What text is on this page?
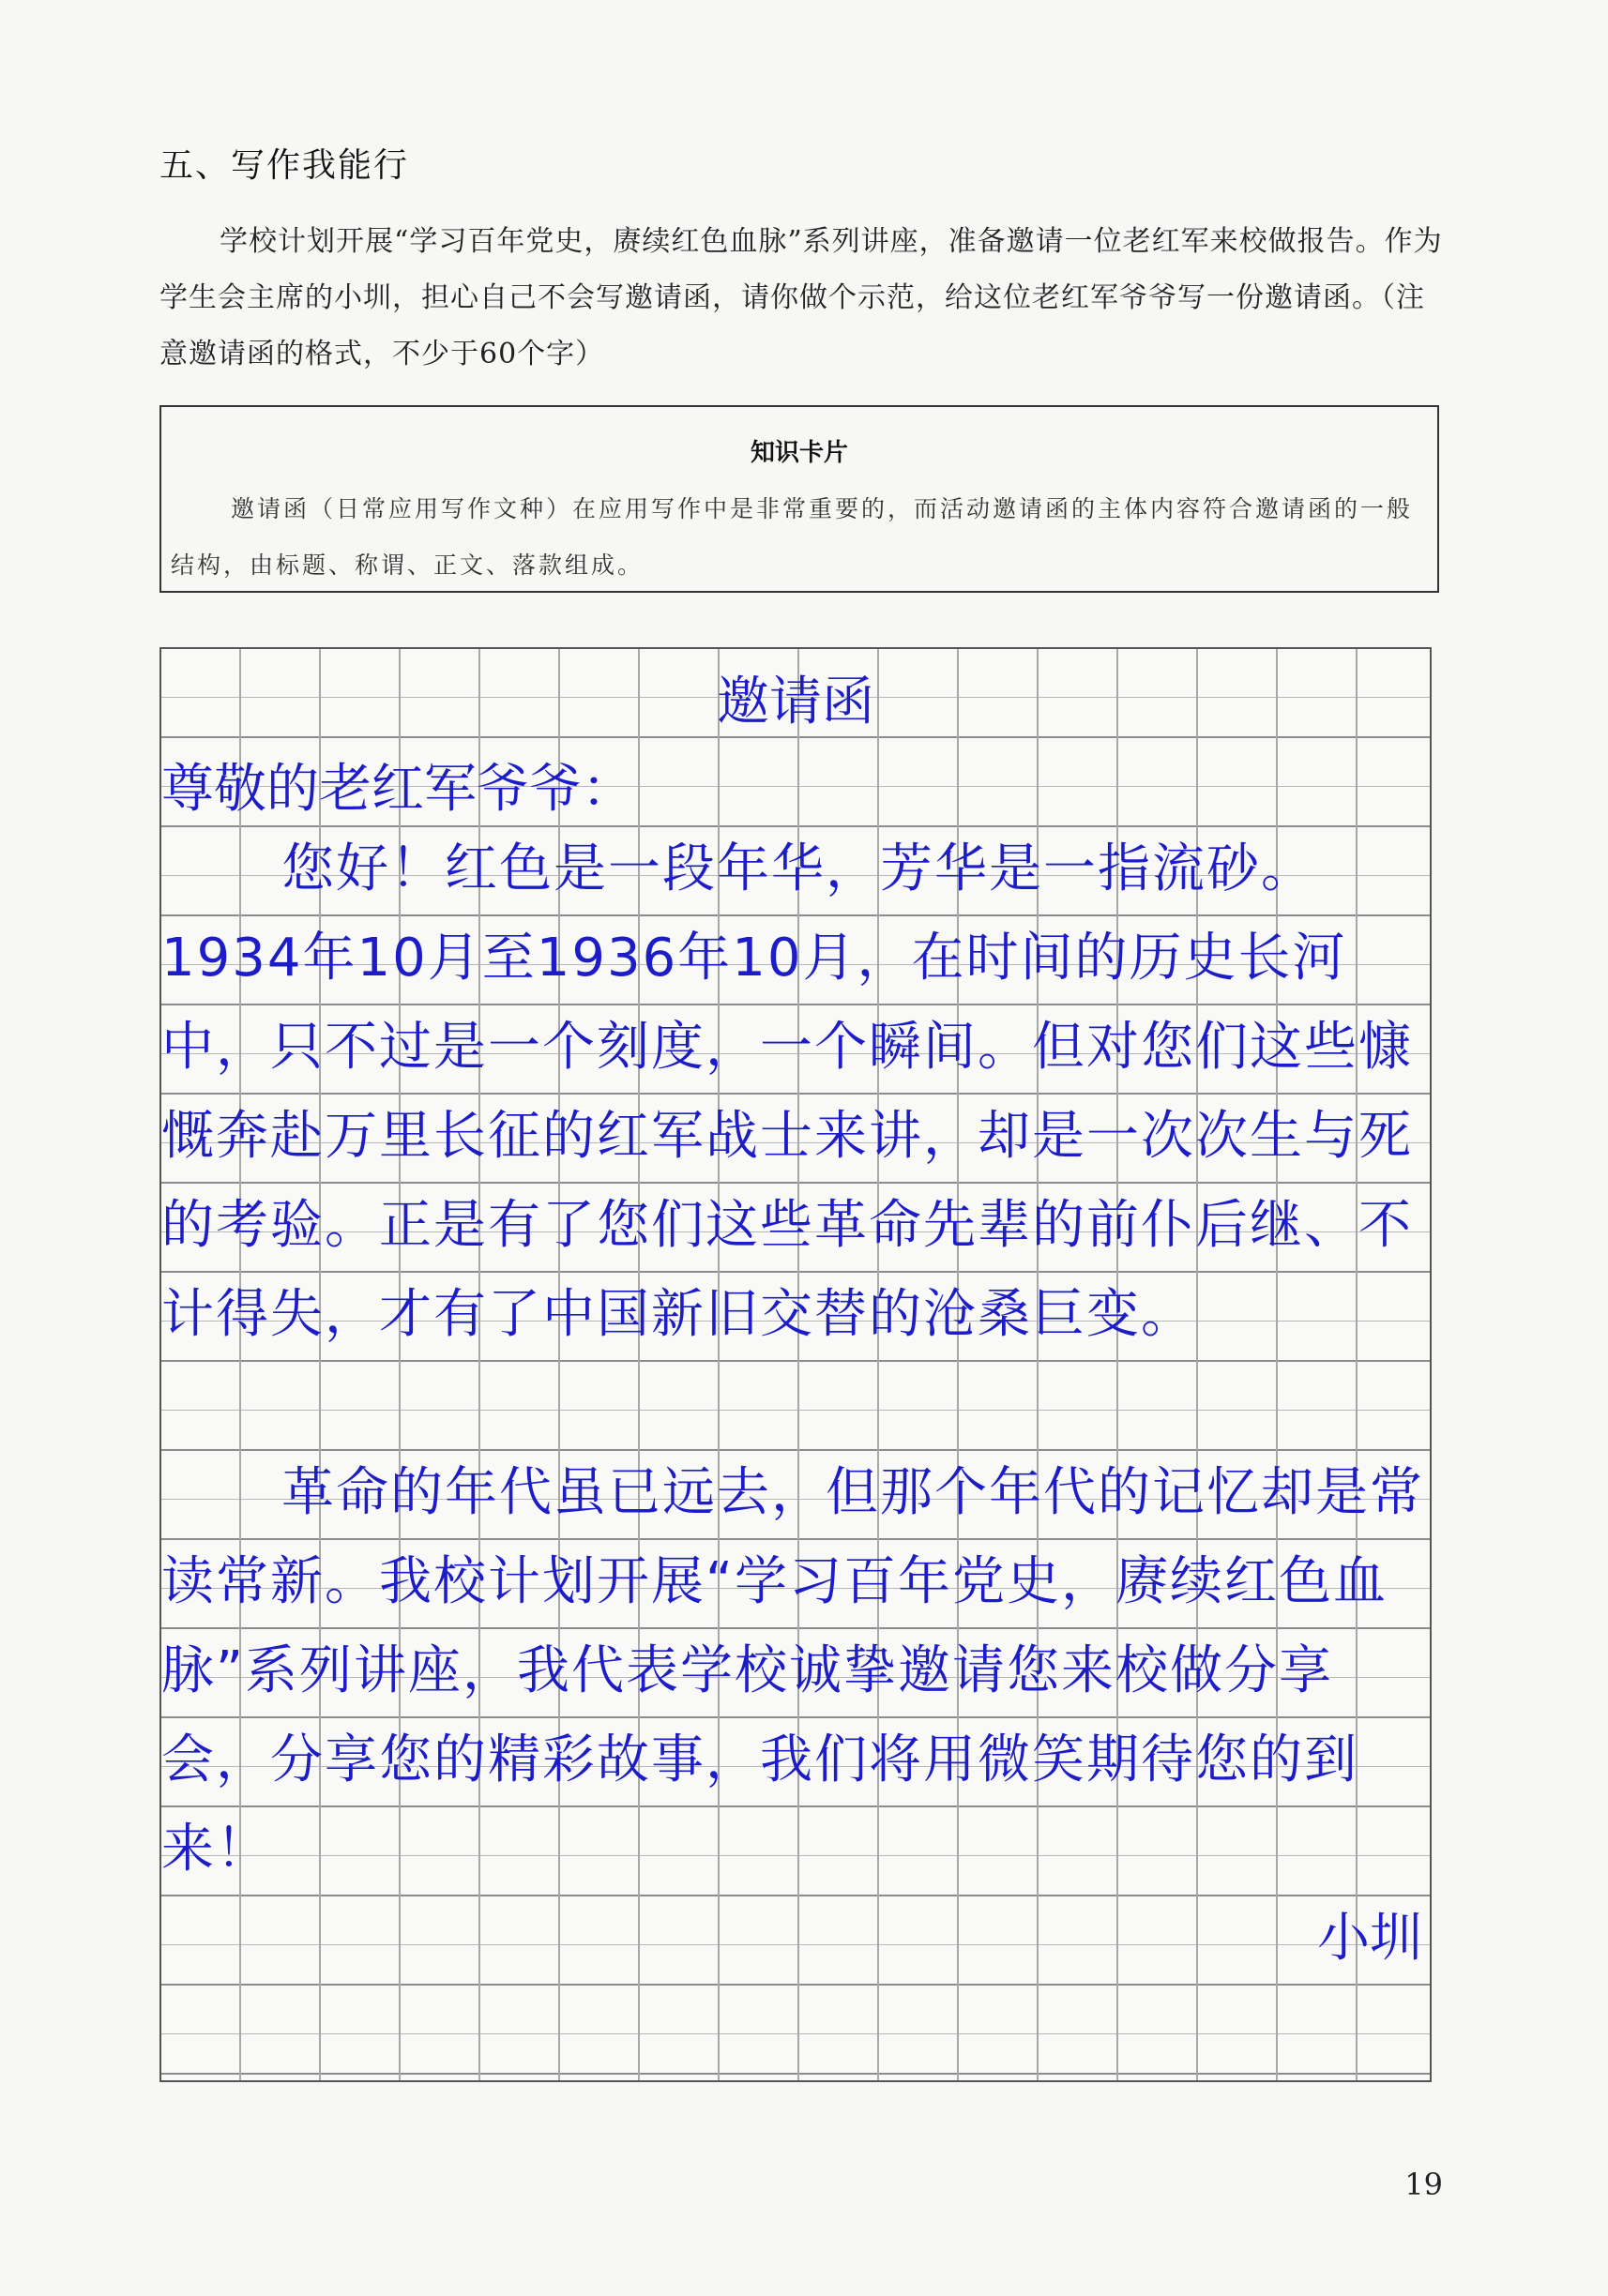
五、写作我能行
学校计划开展“学习百年党史，赓续红色血脉”系列讲座，准备邀请一位老红军来校做报告。作为学生会主席的小圳，担心自己不会写邀请函，请你做个示范，给这位老红军爷爷写一份邀请函。（注意邀请函的格式，不少于60个字）
知识卡片
邀请函（日常应用写作文种）在应用写作中是非常重要的，而活动邀请函的主体内容符合邀请函的一般结构，由标题、称谓、正文、落款组成。
邀请函
尊敬的老红军爷爷：
您好！红色是一段年华，芳华是一指流砂。1934年10月至1936年10月，在时间的历史长河中，只不过是一个刻度，一个瞬间。但对您们这些慷慨奔赴万里长征的红军战士来讲，却是一次次生与死的考验。正是有了您们这些革命先辈的前仆后继、不计得失，才有了中国新旧交替的沧桑巨变。
革命的年代虽已远去，但那个年代的记忆却是常读常新。我校计划开展“学习百年党史，赓续红色血脉”系列讲座，我代表学校诚挚邀请您来校做分享会，分享您的精彩故事，我们将用微笑期待您的到来！
小圳
19
